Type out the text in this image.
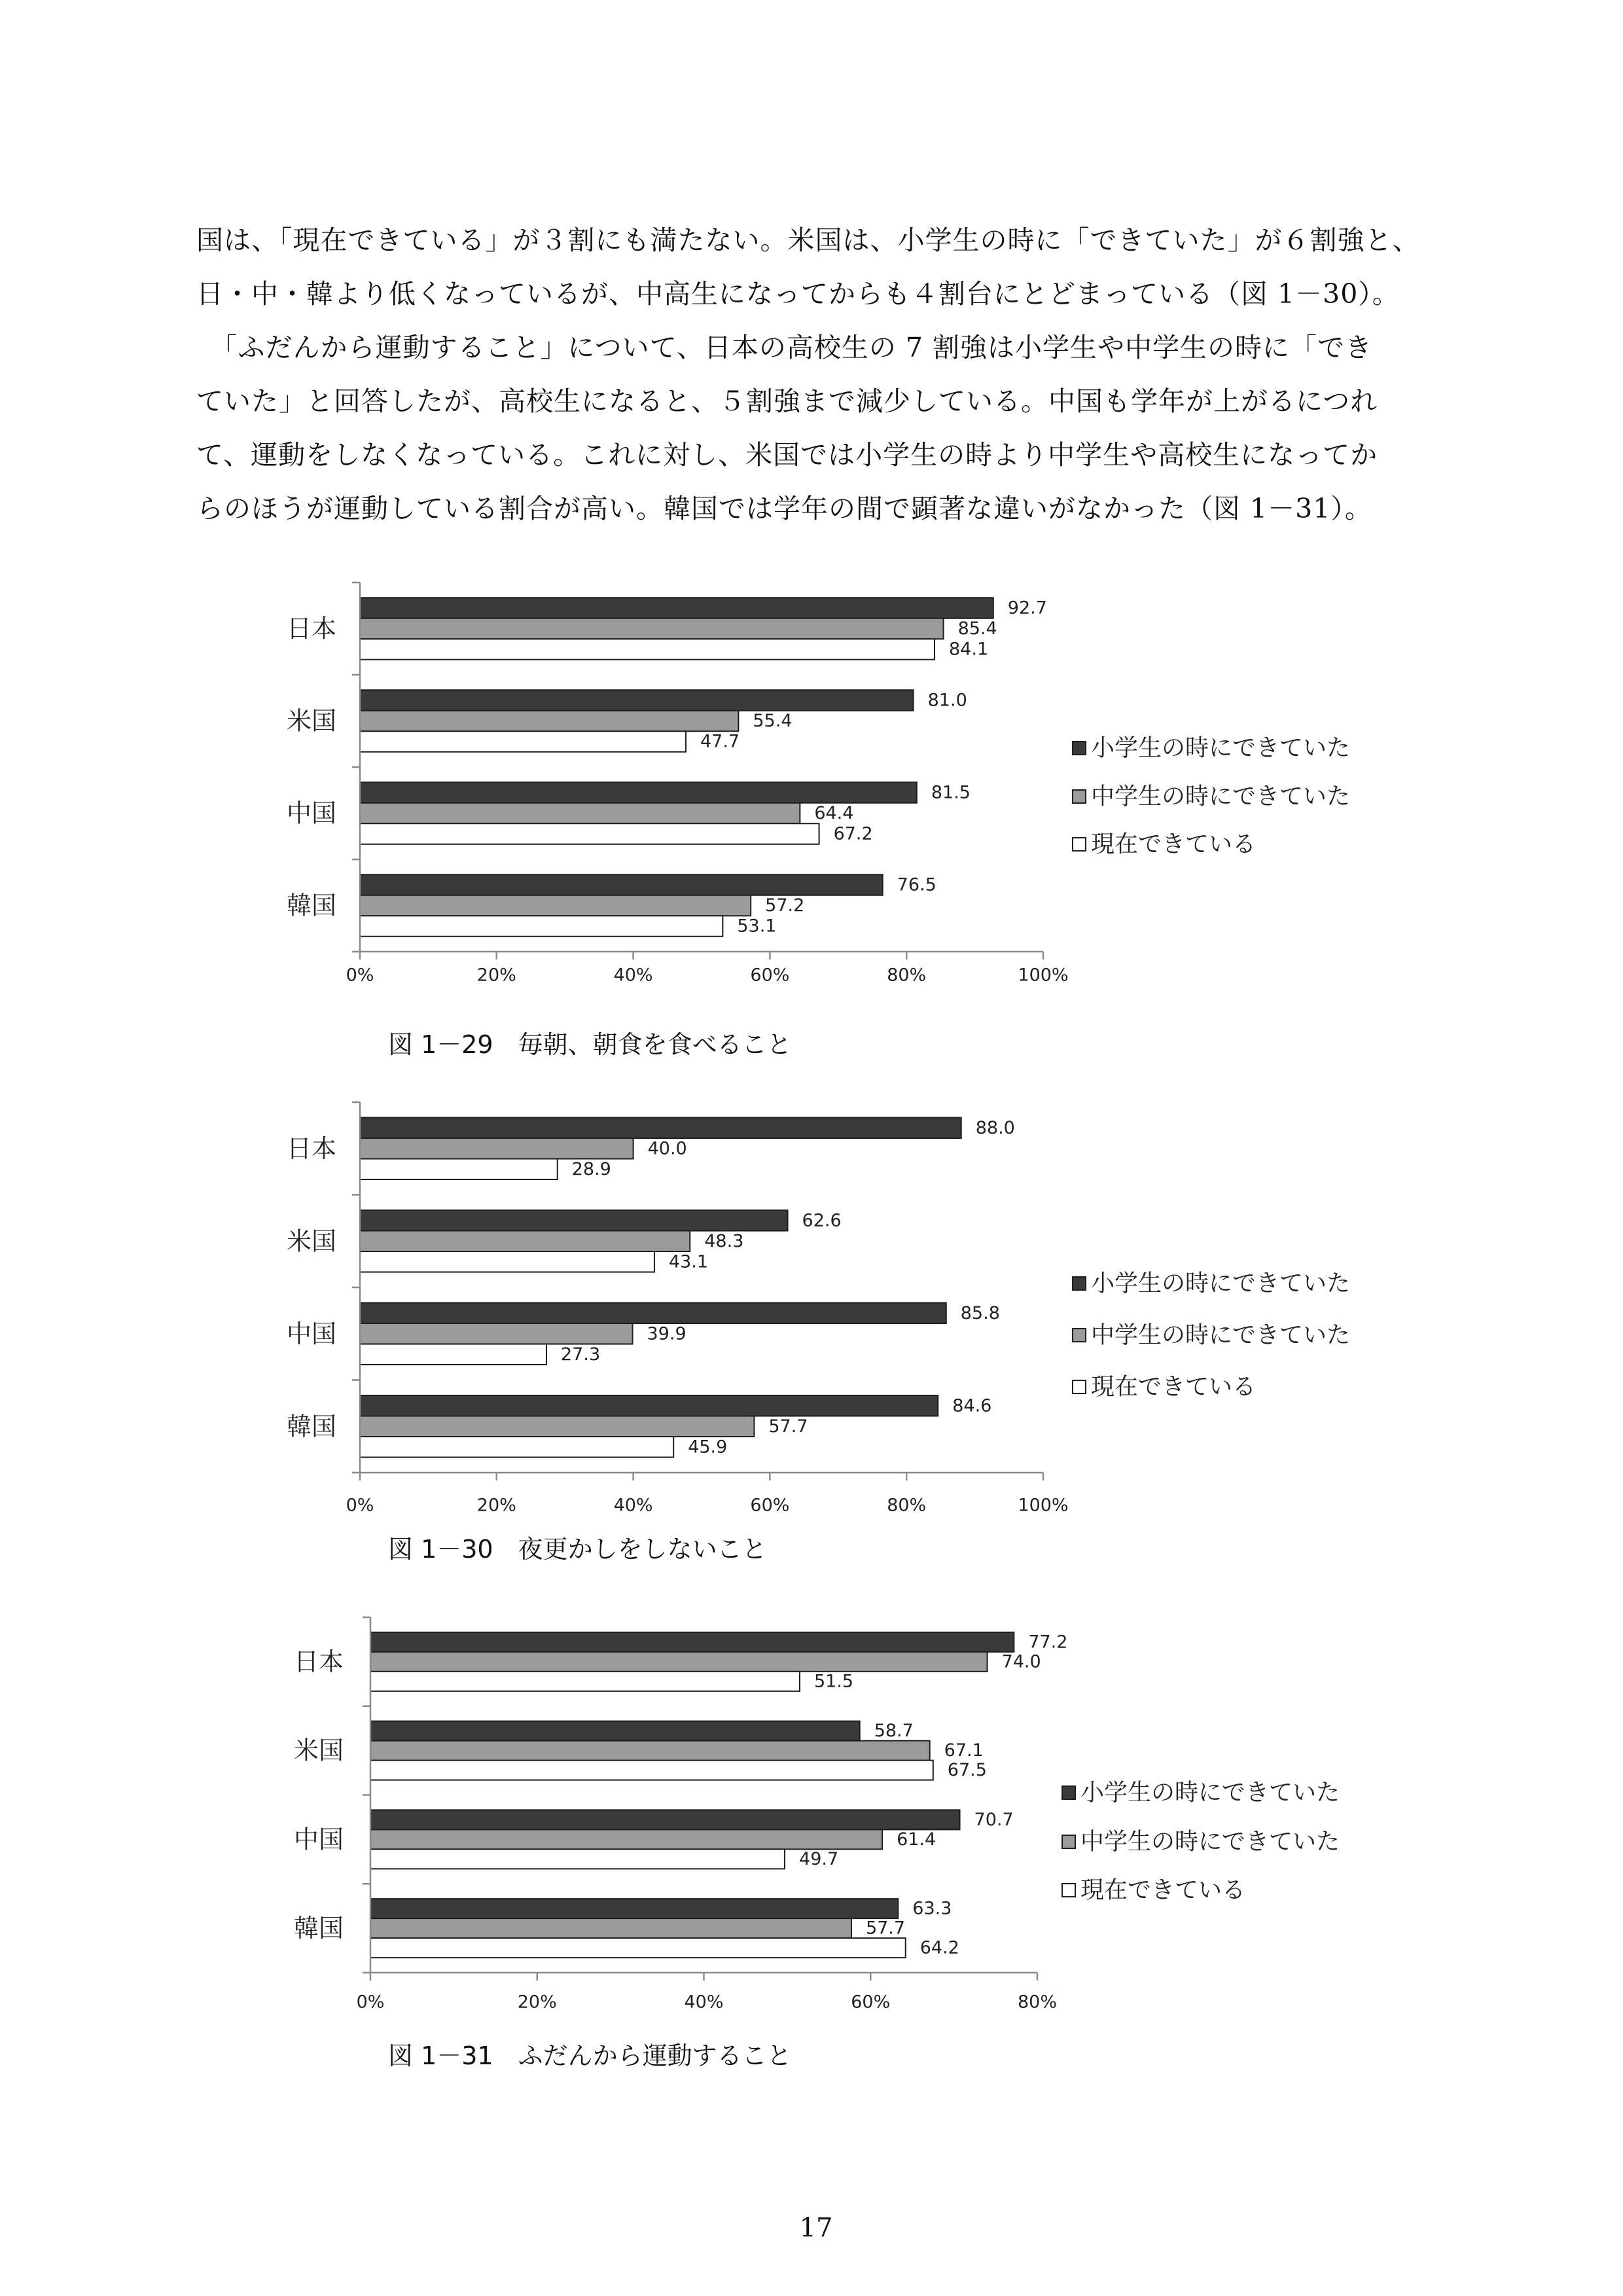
国は、「現在できている」が３割にも満たない。米国は、小学生の時に「できていた」が６割強と、
日・中・韓より低くなっているが、中高生になってからも４割台にとどまっている（図 1－30）。
　「ふだんから運動すること」について、日本の高校生の 7 割強は小学生や中学生の時に「でき
ていた」と回答したが、高校生になると、５割強まで減少している。中国も学年が上がるにつれ
て、運動をしなくなっている。これに対し、米国では小学生の時より中学生や高校生になってか
らのほうが運動している割合が高い。韓国では学年の間で顕著な違いがなかった（図 1－31）。
0%	20%	40%	60%	80%	100%
日本
92.7
85.4
84.1
米国
81.0
55.4
47.7
中国
81.5
64.4
67.2
韓国
76.5
57.2
53.1
小学生の時にできていた
中学生の時にできていた
現在できている
図 1－29　毎朝、朝食を食べること
0%	20%	40%	60%	80%	100%
日本
88.0
40.0
28.9
米国
62.6
48.3
43.1
中国
85.8
39.9
27.3
韓国
84.6
57.7
45.9
小学生の時にできていた
中学生の時にできていた
現在できている
図 1－30　夜更かしをしないこと
0%	20%	40%	60%	80%
日本
77.2
74.0
51.5
米国
58.7
67.1
67.5
中国
70.7
61.4
49.7
韓国
63.3
57.7
64.2
小学生の時にできていた
中学生の時にできていた
現在できている
図 1－31　ふだんから運動すること
17
